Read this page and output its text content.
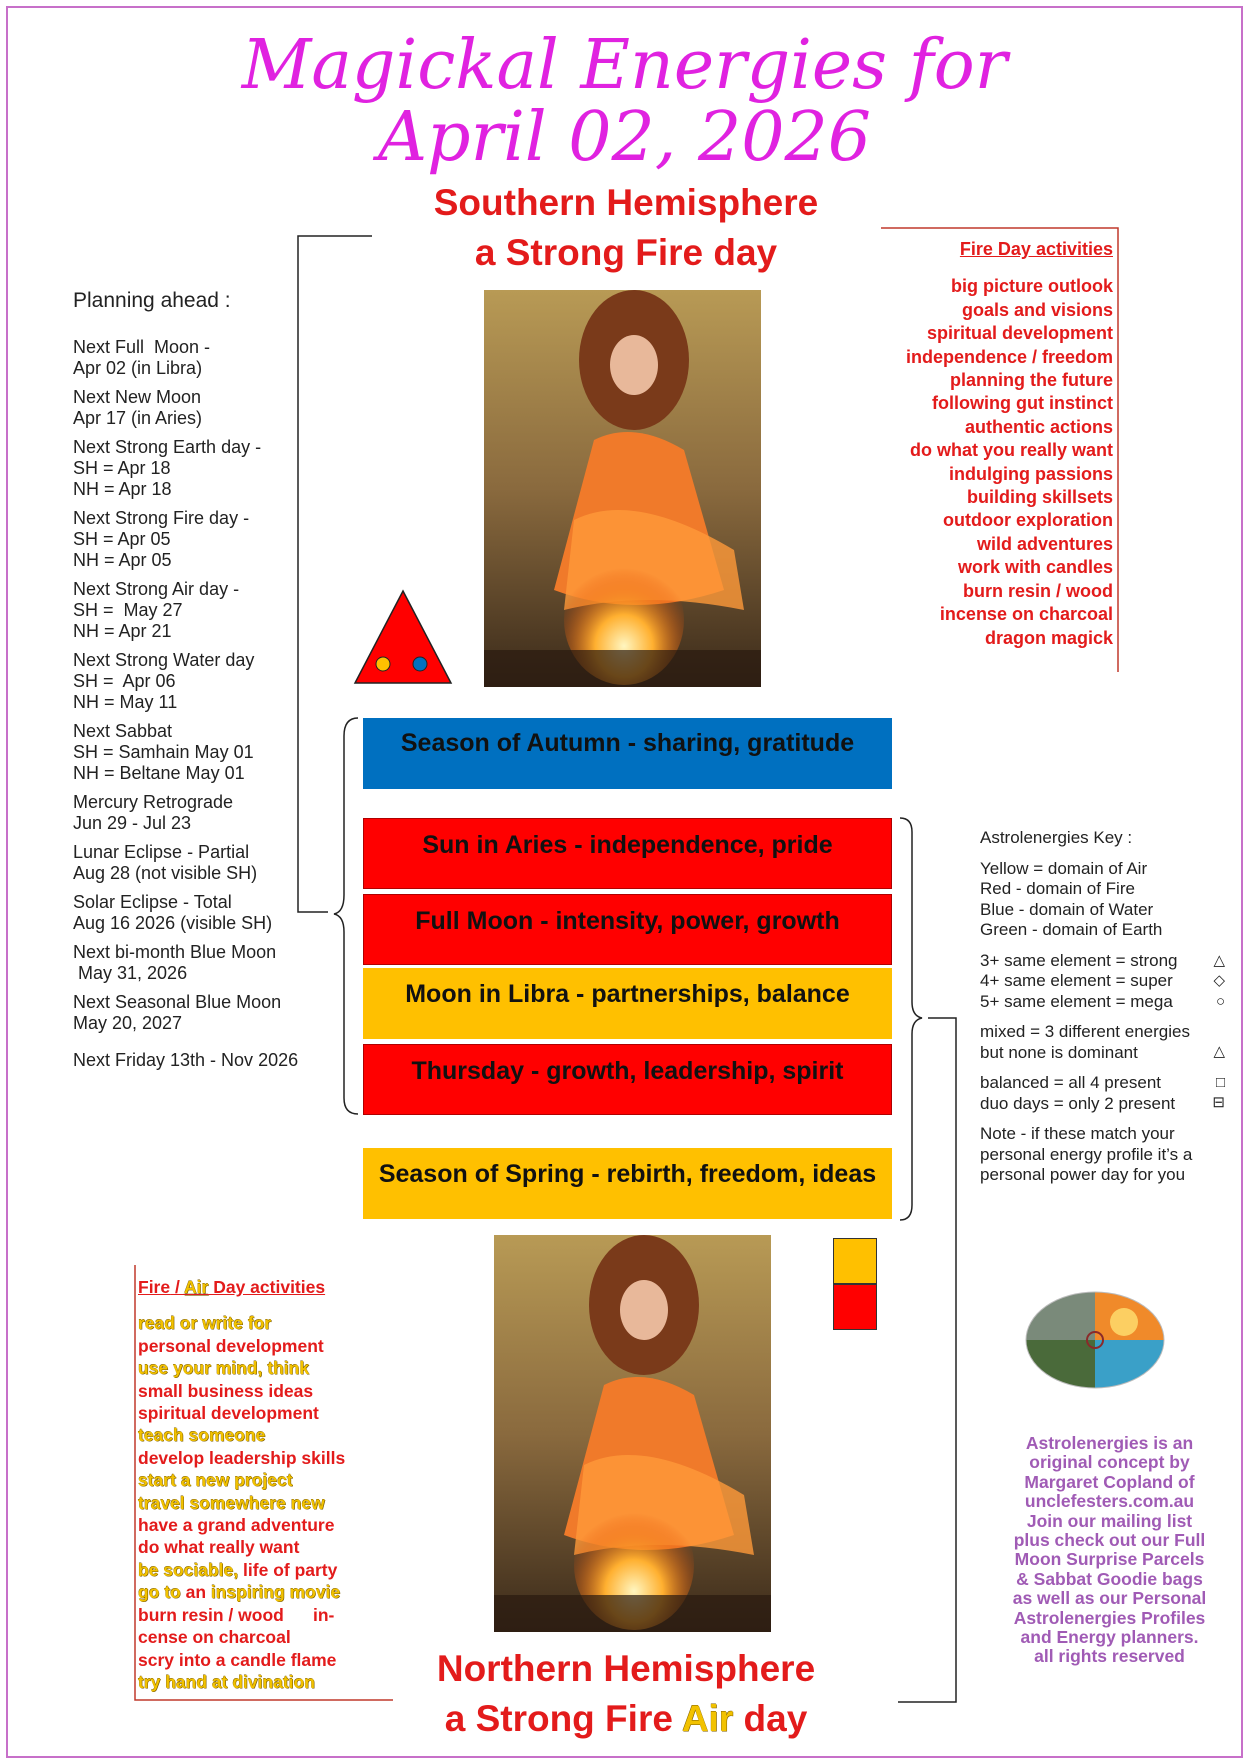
Magickal Energies for
April 02, 2026
Southern Hemisphere
a Strong Fire day
Northern Hemisphere
a Strong Fire Air day
Planning ahead :
Next Full  Moon -
Apr 02 (in Libra)
Next New Moon
Apr 17 (in Aries)
Next Strong Earth day -
SH = Apr 18
NH = Apr 18
Next Strong Fire day -
SH = Apr 05
NH = Apr 05
Next Strong Air day -
SH =  May 27
NH = Apr 21
Next Strong Water day
SH =  Apr 06
NH = May 11
Next Sabbat
SH = Samhain May 01
NH = Beltane May 01
Mercury Retrograde
Jun 29 - Jul 23
Lunar Eclipse - Partial
Aug 28 (not visible SH)
Solar Eclipse - Total
Aug 16 2026 (visible SH)
Next bi-month Blue Moon
May 31, 2026
Next Seasonal Blue Moon
May 20, 2027
Next Friday 13th - Nov 2026
Season of Autumn - sharing, gratitude
Sun in Aries - independence, pride
Full Moon - intensity, power, growth
Moon in Libra - partnerships, balance
Thursday - growth, leadership, spirit
Season of Spring - rebirth, freedom, ideas
Fire Day activities
big picture outlook
goals and visions
spiritual development
independence / freedom
planning the future
following gut instinct
authentic actions
do what you really want
indulging passions
building skillsets
outdoor exploration
wild adventures
work with candles
burn resin / wood
incense on charcoal
dragon magick
Fire / Air Day activities
read or write for
personal development
use your mind, think
small business ideas
spiritual development
teach someone
develop leadership skills
start a new project
travel somewhere new
have a grand adventure
do what really want
be sociable, life of party
go to an inspiring movie
burn resin / wood      in-
cense on charcoal
scry into a candle flame
try hand at divination

Astrolenergies Key :

Yellow = domain of Air
Red - domain of Fire
Blue - domain of Water
Green - domain of Earth

3+ same element = strong △

4+ same element = super	◇

5+ same element = mega	○

mixed = 3 different energies
but none is dominant	△

balanced = all 4 present	□

duo days = only 2 present ⊟

Note - if these match your personal energy profile it’s a personal power day for you

Astrolenergies is an
original concept by
Margaret Copland of
unclefesters.com.au
Join our mailing list
plus check out our Full
Moon Surprise Parcels
& Sabbat Goodie bags
as well as our Personal
Astrolenergies Profiles
and Energy planners.
all rights reserved
